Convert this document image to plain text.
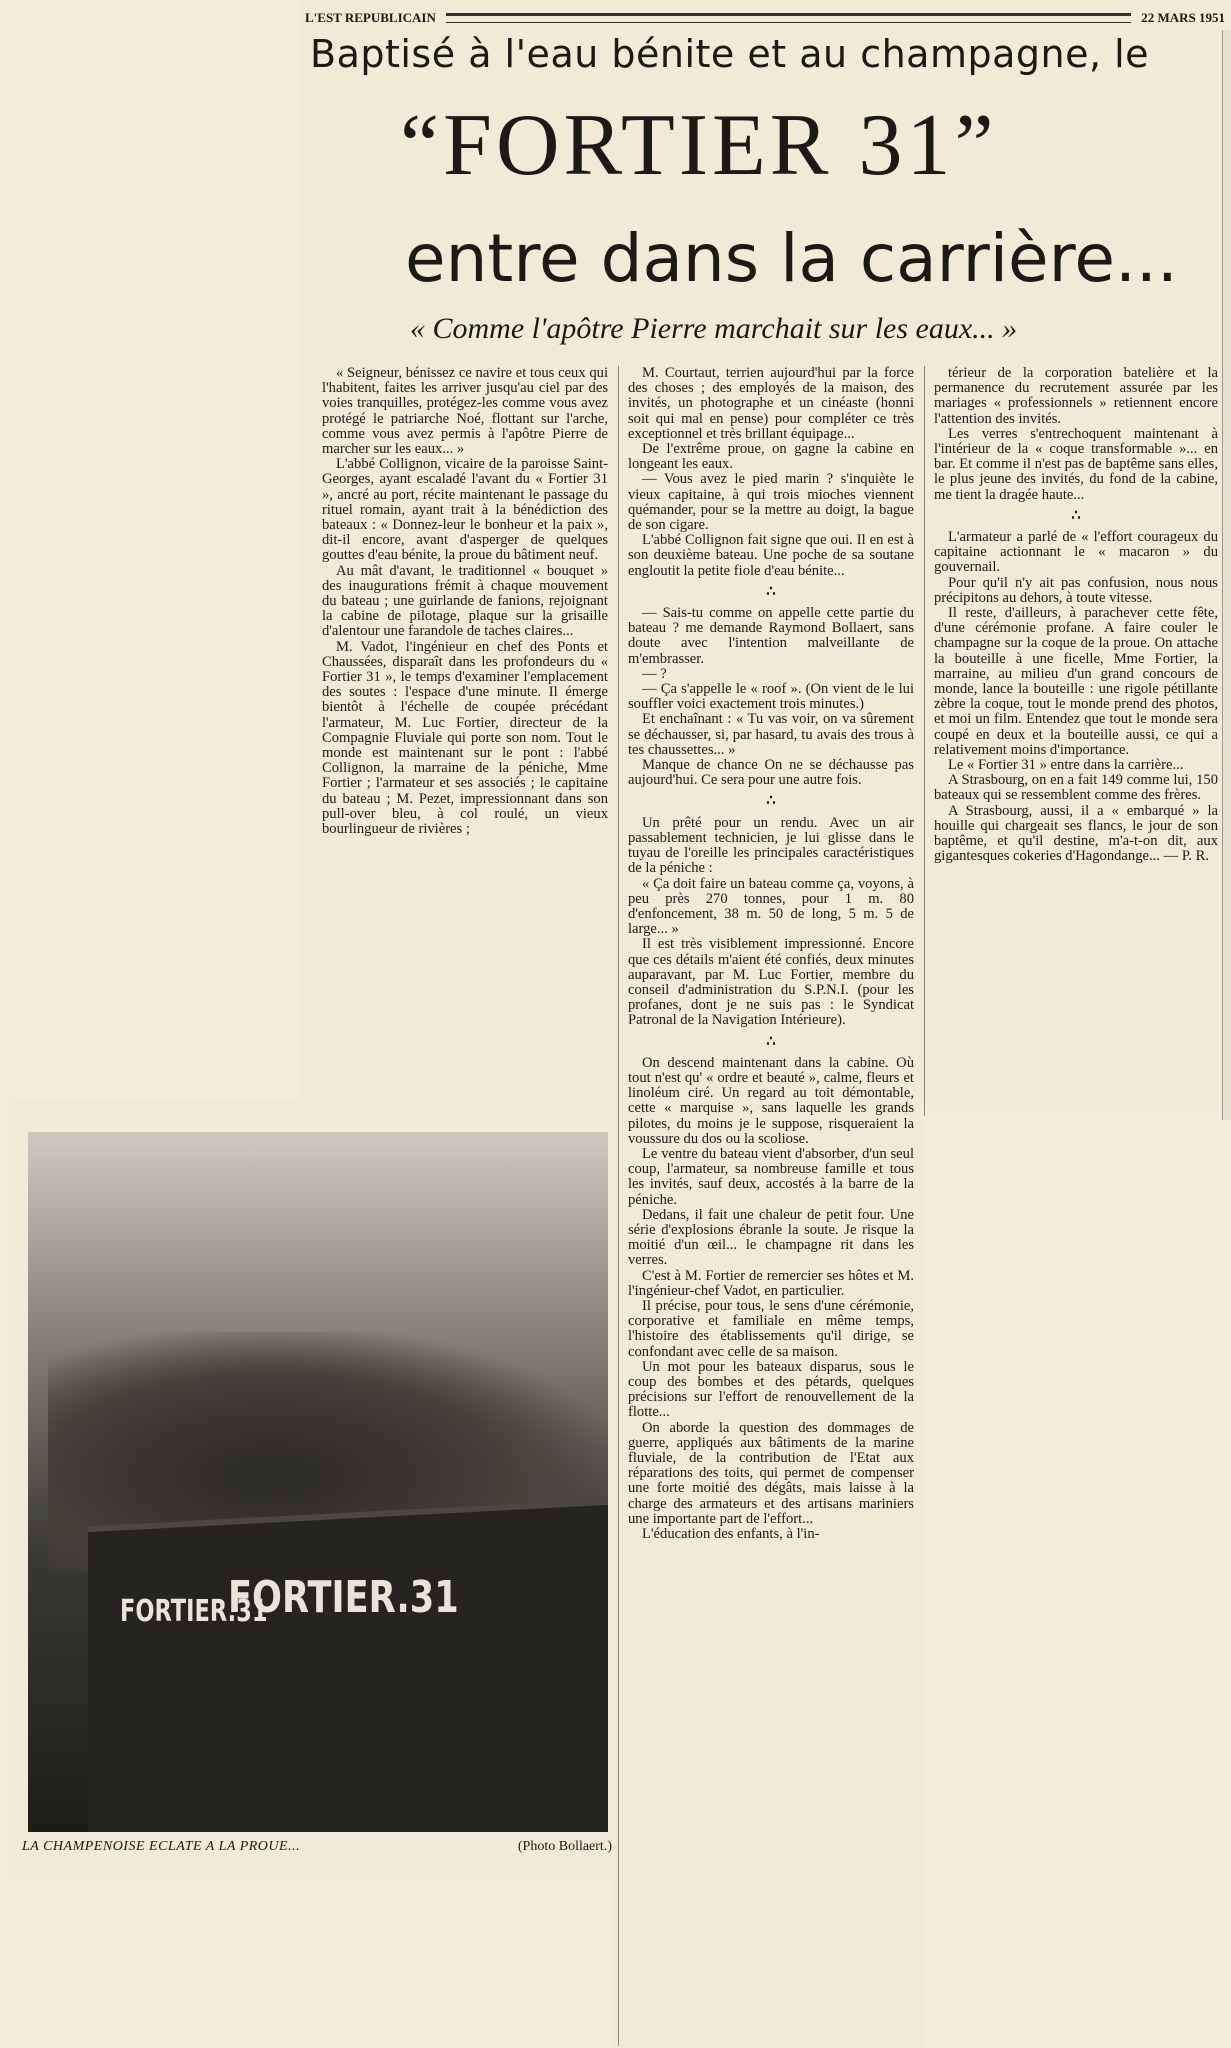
L'EST REPUBLICAIN	22 MARS 1951
Baptisé à l'eau bénite et au champagne, le
“FORTIER 31”
entre dans la carrière...
« Comme l'apôtre Pierre marchait sur les eaux... »

« Seigneur, bénissez ce navire et tous ceux qui l'habitent, faites les arriver jusqu'au ciel par des voies tranquilles, protégez-les comme vous avez protégé le patriarche Noé, flottant sur l'arche, comme vous avez permis à l'apôtre Pierre de marcher sur les eaux... »

L'abbé Collignon, vicaire de la paroisse Saint-Georges, ayant escaladé l'avant du « Fortier 31 », ancré au port, récite maintenant le passage du rituel romain, ayant trait à la bénédiction des bateaux : « Donnez-leur le bonheur et la paix », dit-il encore, avant d'asperger de quelques gouttes d'eau bénite, la proue du bâtiment neuf.

Au mât d'avant, le traditionnel « bouquet » des inaugurations frémit à chaque mouvement du bateau ; une guirlande de fanions, rejoignant la cabine de pilotage, plaque sur la grisaille d'alentour une farandole de taches claires...

M. Vadot, l'ingénieur en chef des Ponts et Chaussées, disparaît dans les profondeurs du « Fortier 31 », le temps d'examiner l'emplacement des soutes : l'espace d'une minute. Il émerge bientôt à l'échelle de coupée précédant l'armateur, M. Luc Fortier, directeur de la Compagnie Fluviale qui porte son nom. Tout le monde est maintenant sur le pont : l'abbé Collignon, la marraine de la péniche, Mme Fortier ; l'armateur et ses associés ; le capitaine du bateau ; M. Pezet, impressionnant dans son pull-over bleu, à col roulé, un vieux bourlingueur de rivières ;

M. Courtaut, terrien aujourd'hui par la force des choses ; des employés de la maison, des invités, un photographe et un cinéaste (honni soit qui mal en pense) pour compléter ce très exceptionnel et très brillant équipage...

De l'extrême proue, on gagne la cabine en longeant les eaux.

— Vous avez le pied marin ? s'inquiète le vieux capitaine, à qui trois mioches viennent quémander, pour se la mettre au doigt, la bague de son cigare.

L'abbé Collignon fait signe que oui. Il en est à son deuxième bateau. Une poche de sa soutane engloutit la petite fiole d'eau bénite...

∴

— Sais-tu comme on appelle cette partie du bateau ? me demande Raymond Bollaert, sans doute avec l'intention malveillante de m'embrasser.

— ?

— Ça s'appelle le « roof ». (On vient de le lui souffler voici exactement trois minutes.)

Et enchaînant : « Tu vas voir, on va sûrement se déchausser, si, par hasard, tu avais des trous à tes chaussettes... »

Manque de chance On ne se déchausse pas aujourd'hui. Ce sera pour une autre fois.

∴

Un prêté pour un rendu. Avec un air passablement technicien, je lui glisse dans le tuyau de l'oreille les principales caractéristiques de la péniche :

« Ça doit faire un bateau comme ça, voyons, à peu près 270 tonnes, pour 1 m. 80 d'enfoncement, 38 m. 50 de long, 5 m. 5 de large... »

Il est très visiblement impressionné. Encore que ces détails m'aient été confiés, deux minutes auparavant, par M. Luc Fortier, membre du conseil d'administration du S.P.N.I. (pour les profanes, dont je ne suis pas : le Syndicat Patronal de la Navigation Intérieure).

∴

On descend maintenant dans la cabine. Où tout n'est qu' « ordre et beauté », calme, fleurs et linoléum ciré. Un regard au toit démontable, cette « marquise », sans laquelle les grands pilotes, du moins je le suppose, risqueraient la voussure du dos ou la scoliose.

Le ventre du bateau vient d'absorber, d'un seul coup, l'armateur, sa nombreuse famille et tous les invités, sauf deux, accostés à la barre de la péniche.

Dedans, il fait une chaleur de petit four. Une série d'explosions ébranle la soute. Je risque la moitié d'un œil... le champagne rit dans les verres.

C'est à M. Fortier de remercier ses hôtes et M. l'ingénieur-chef Vadot, en particulier.

Il précise, pour tous, le sens d'une cérémonie, corporative et familiale en même temps, l'histoire des établissements qu'il dirige, se confondant avec celle de sa maison.

Un mot pour les bateaux disparus, sous le coup des bombes et des pétards, quelques précisions sur l'effort de renouvellement de la flotte...

On aborde la question des dommages de guerre, appliqués aux bâtiments de la marine fluviale, de la contribution de l'Etat aux réparations des toits, qui permet de compenser une forte moitié des dégâts, mais laisse à la charge des armateurs et des artisans mariniers une importante part de l'effort...

L'éducation des enfants, à l'in-

térieur de la corporation batelière et la permanence du recrutement assurée par les mariages « professionnels » retiennent encore l'attention des invités.

Les verres s'entrechoquent maintenant à l'intérieur de la « coque transformable »... en bar. Et comme il n'est pas de baptême sans elles, le plus jeune des invités, du fond de la cabine, me tient la dragée haute...

∴

L'armateur a parlé de « l'effort courageux du capitaine actionnant le « macaron » du gouvernail.

Pour qu'il n'y ait pas confusion, nous nous précipitons au dehors, à toute vitesse.

Il reste, d'ailleurs, à parachever cette fête, d'une cérémonie profane. A faire couler le champagne sur la coque de la proue. On attache la bouteille à une ficelle, Mme Fortier, la marraine, au milieu d'un grand concours de monde, lance la bouteille : une rigole pétillante zèbre la coque, tout le monde prend des photos, et moi un film. Entendez que tout le monde sera coupé en deux et la bouteille aussi, ce qui a relativement moins d'importance.

Le « Fortier 31 » entre dans la carrière...

A Strasbourg, on en a fait 149 comme lui, 150 bateaux qui se ressemblent comme des frères.

A Strasbourg, aussi, il a « embarqué » la houille qui chargeait ses flancs, le jour de son baptême, et qu'il destine, m'a-t-on dit, aux gigantesques cokeries d'Hagondange... — P. R.

FORTIER.31
FORTIER.31
LA CHAMPENOISE ECLATE A LA PROUE...	(Photo Bollaert.)
